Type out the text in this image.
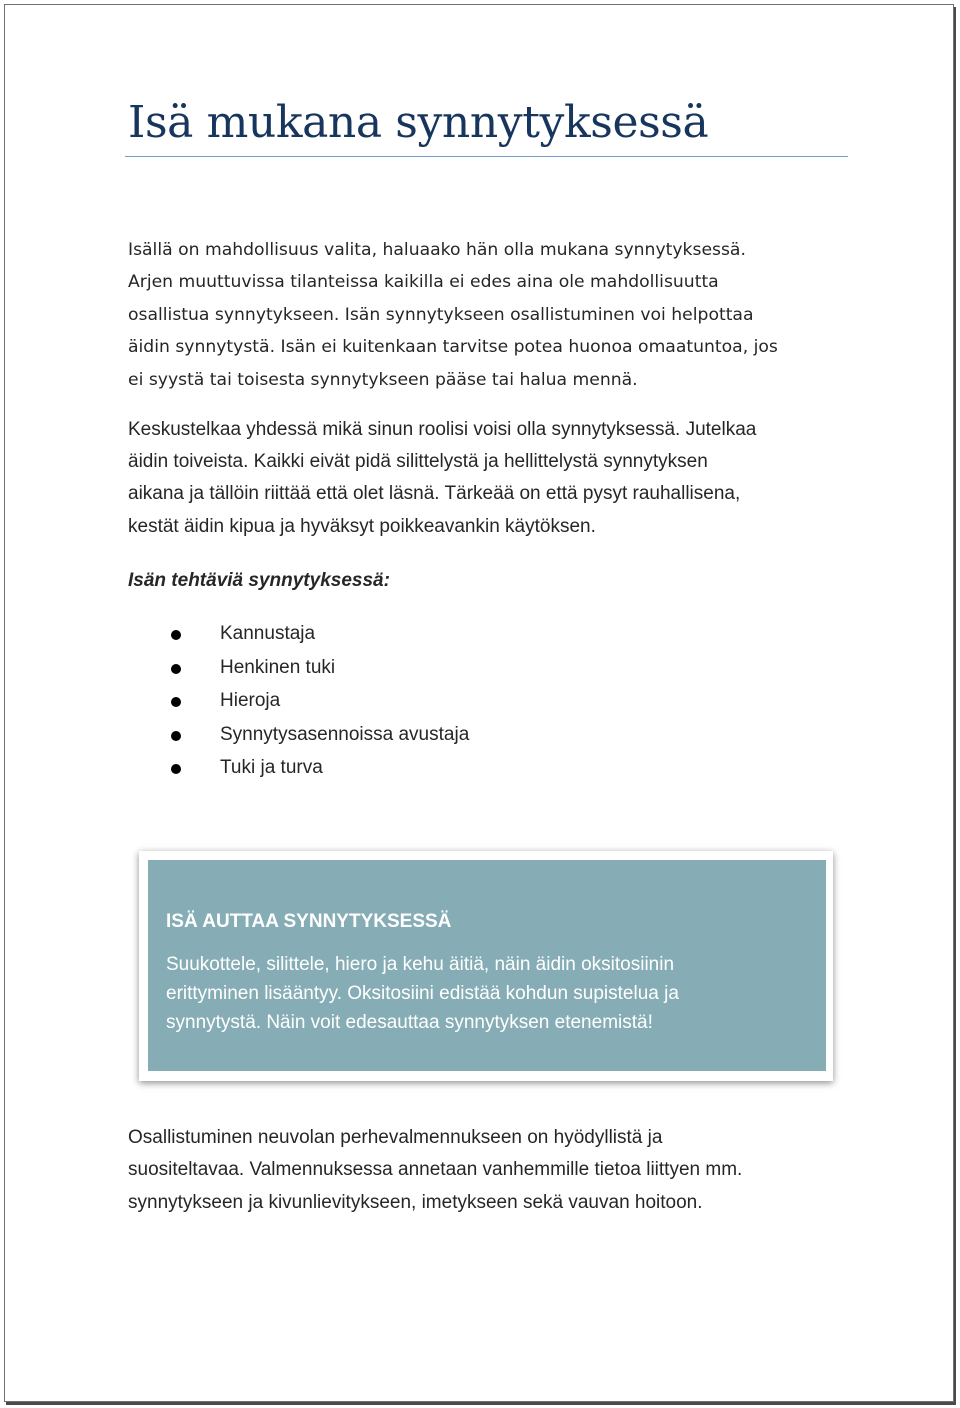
Isä mukana synnytyksessä

Isällä on mahdollisuus valita, haluaako hän olla mukana synnytyksessä.
Arjen muuttuvissa tilanteissa kaikilla ei edes aina ole mahdollisuutta
osallistua synnytykseen. Isän synnytykseen osallistuminen voi helpottaa
äidin synnytystä. Isän ei kuitenkaan tarvitse potea huonoa omaatuntoa, jos
ei syystä tai toisesta synnytykseen pääse tai halua mennä.

Keskustelkaa yhdessä mikä sinun roolisi voisi olla synnytyksessä. Jutelkaa
äidin toiveista. Kaikki eivät pidä silittelystä ja hellittelystä synnytyksen
aikana ja tällöin riittää että olet läsnä. Tärkeää on että pysyt rauhallisena,
kestät äidin kipua ja hyväksyt poikkeavankin käytöksen.

Isän tehtäviä synnytyksessä:
Kannustaja
Henkinen tuki
Hieroja
Synnytysasennoissa avustaja
Tuki ja turva
ISÄ AUTTAA SYNNYTYKSESSÄ

Suukottele, silittele, hiero ja kehu äitiä, näin äidin oksitosiinin
erittyminen lisääntyy. Oksitosiini edistää kohdun supistelua ja
synnytystä. Näin voit edesauttaa synnytyksen etenemistä!

Osallistuminen neuvolan perhevalmennukseen on hyödyllistä ja
suositeltavaa. Valmennuksessa annetaan vanhemmille tietoa liittyen mm.
synnytykseen ja kivunlievitykseen, imetykseen sekä vauvan hoitoon.
